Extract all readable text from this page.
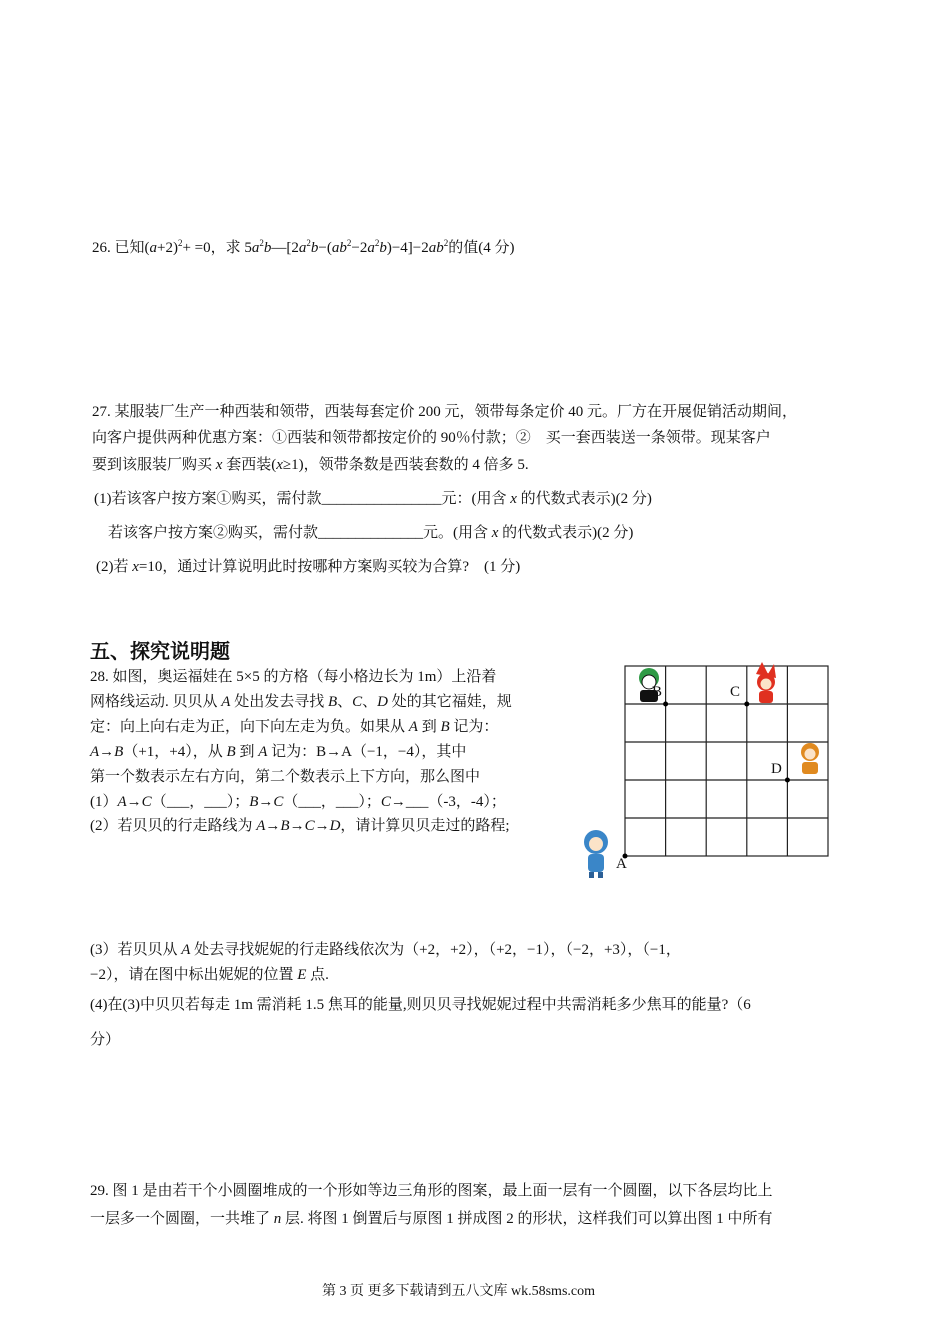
26. 已知$(a+2)^2+ =0$，求 $5a^2b—[2a^2b-(ab^2-2a^2b)-4]-2ab^2$的值(4 分)
27. 某服装厂生产一种西装和领带，西装每套定价 200 元，领带每条定价 40 元。厂方在开展促销活动期间，
向客户提供两种优惠方案：①西装和领带都按定价的 90％付款；②　买一套西装送一条领带。现某客户
要到该服装厂购买 x 套西装(x≥1)，领带条数是西装套数的 4 倍多 5.
(1)若该客户按方案①购买，需付款________________元：(用含 x 的代数式表示)(2 分)
若该客户按方案②购买，需付款______________元。(用含 x 的代数式表示)(2 分)
(2)若 x=10，通过计算说明此时按哪种方案购买较为合算?　(1 分)
五、探究说明题
28. 如图，奥运福娃在 5×5 的方格（每小格边长为 1m）上沿着
网格线运动. 贝贝从 A 处出发去寻找 B、C、D 处的其它福娃，规
定：向上向右走为正，向下向左走为负。如果从 A 到 B 记为：
A→B（+1，+4），从 B 到 A 记为：B→A（−1，−4），其中
第一个数表示左右方向，第二个数表示上下方向，那么图中
(1）A→C（___，___）；B→C（___，___）；C→___（-3，-4）；
(2）若贝贝的行走路线为 A→B→C→D，请计算贝贝走过的路程;
A
B	C
D
(3）若贝贝从 A 处去寻找妮妮的行走路线依次为（+2，+2），（+2，−1），（−2，+3），（−1，
−2），请在图中标出妮妮的位置 E 点.
(4)在(3)中贝贝若每走 1m 需消耗 1.5 焦耳的能量,则贝贝寻找妮妮过程中共需消耗多少焦耳的能量?（6
分）
29. 图 1 是由若干个小圆圈堆成的一个形如等边三角形的图案，最上面一层有一个圆圈，以下各层均比上
一层多一个圆圈，一共堆了 n 层. 将图 1 倒置后与原图 1 拼成图 2 的形状，这样我们可以算出图 1 中所有
第 3 页 更多下载请到五八文库 wk.58sms.com
